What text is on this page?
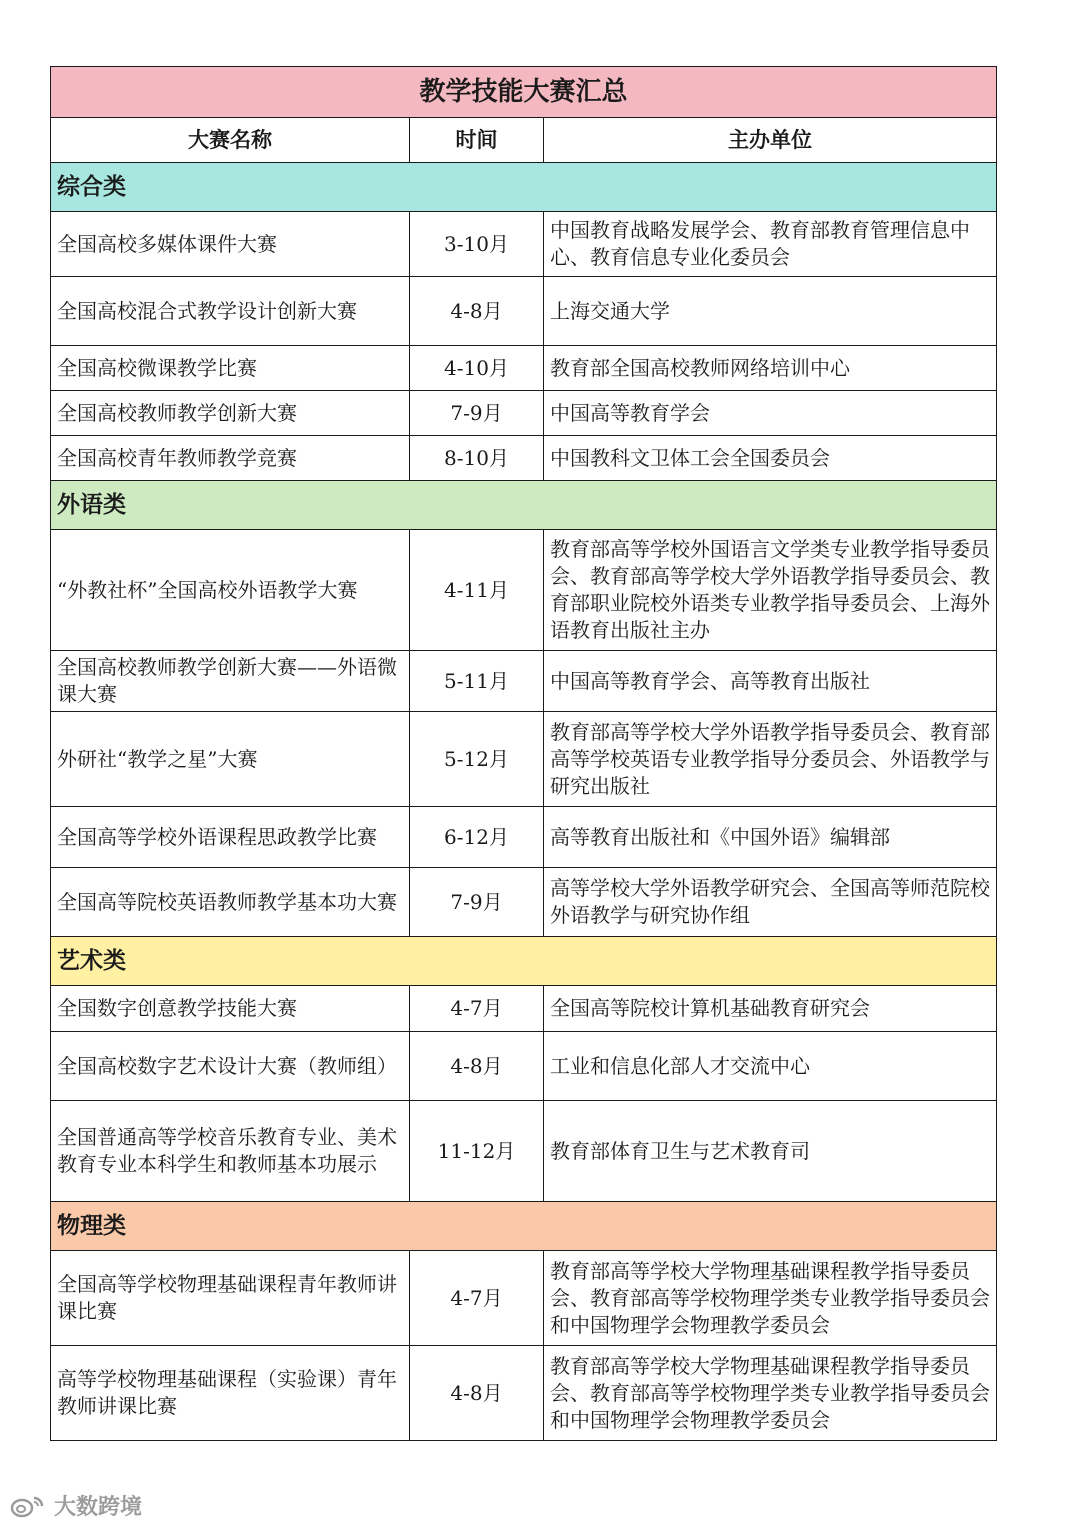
教学技能大赛汇总		
大赛名称	时间	主办单位
综合类		
全国高校多媒体课件大赛	3-10月	中国教育战略发展学会、教育部教育管理信息中心、教育信息专业化委员会
全国高校混合式教学设计创新大赛	4-8月	上海交通大学
全国高校微课教学比赛	4-10月	教育部全国高校教师网络培训中心
全国高校教师教学创新大赛	7-9月	中国高等教育学会
全国高校青年教师教学竞赛	8-10月	中国教科文卫体工会全国委员会
外语类		
“外教社杯”全国高校外语教学大赛	4-11月	教育部高等学校外国语言文学类专业教学指导委员会、教育部高等学校大学外语教学指导委员会、教育部职业院校外语类专业教学指导委员会、上海外语教育出版社主办
全国高校教师教学创新大赛——外语微课大赛	5-11月	中国高等教育学会、高等教育出版社
外研社“教学之星”大赛	5-12月	教育部高等学校大学外语教学指导委员会、教育部高等学校英语专业教学指导分委员会、外语教学与研究出版社
全国高等学校外语课程思政教学比赛	6-12月	高等教育出版社和《中国外语》编辑部
全国高等院校英语教师教学基本功大赛	7-9月	高等学校大学外语教学研究会、全国高等师范院校外语教学与研究协作组
艺术类		
全国数字创意教学技能大赛	4-7月	全国高等院校计算机基础教育研究会
全国高校数字艺术设计大赛（教师组）	4-8月	工业和信息化部人才交流中心
全国普通高等学校音乐教育专业、美术教育专业本科学生和教师基本功展示	11-12月	教育部体育卫生与艺术教育司
物理类		
全国高等学校物理基础课程青年教师讲课比赛	4-7月	教育部高等学校大学物理基础课程教学指导委员会、教育部高等学校物理学类专业教学指导委员会和中国物理学会物理教学委员会
高等学校物理基础课程（实验课）青年教师讲课比赛	4-8月	教育部高等学校大学物理基础课程教学指导委员会、教育部高等学校物理学类专业教学指导委员会和中国物理学会物理教学委员会
大数跨境
